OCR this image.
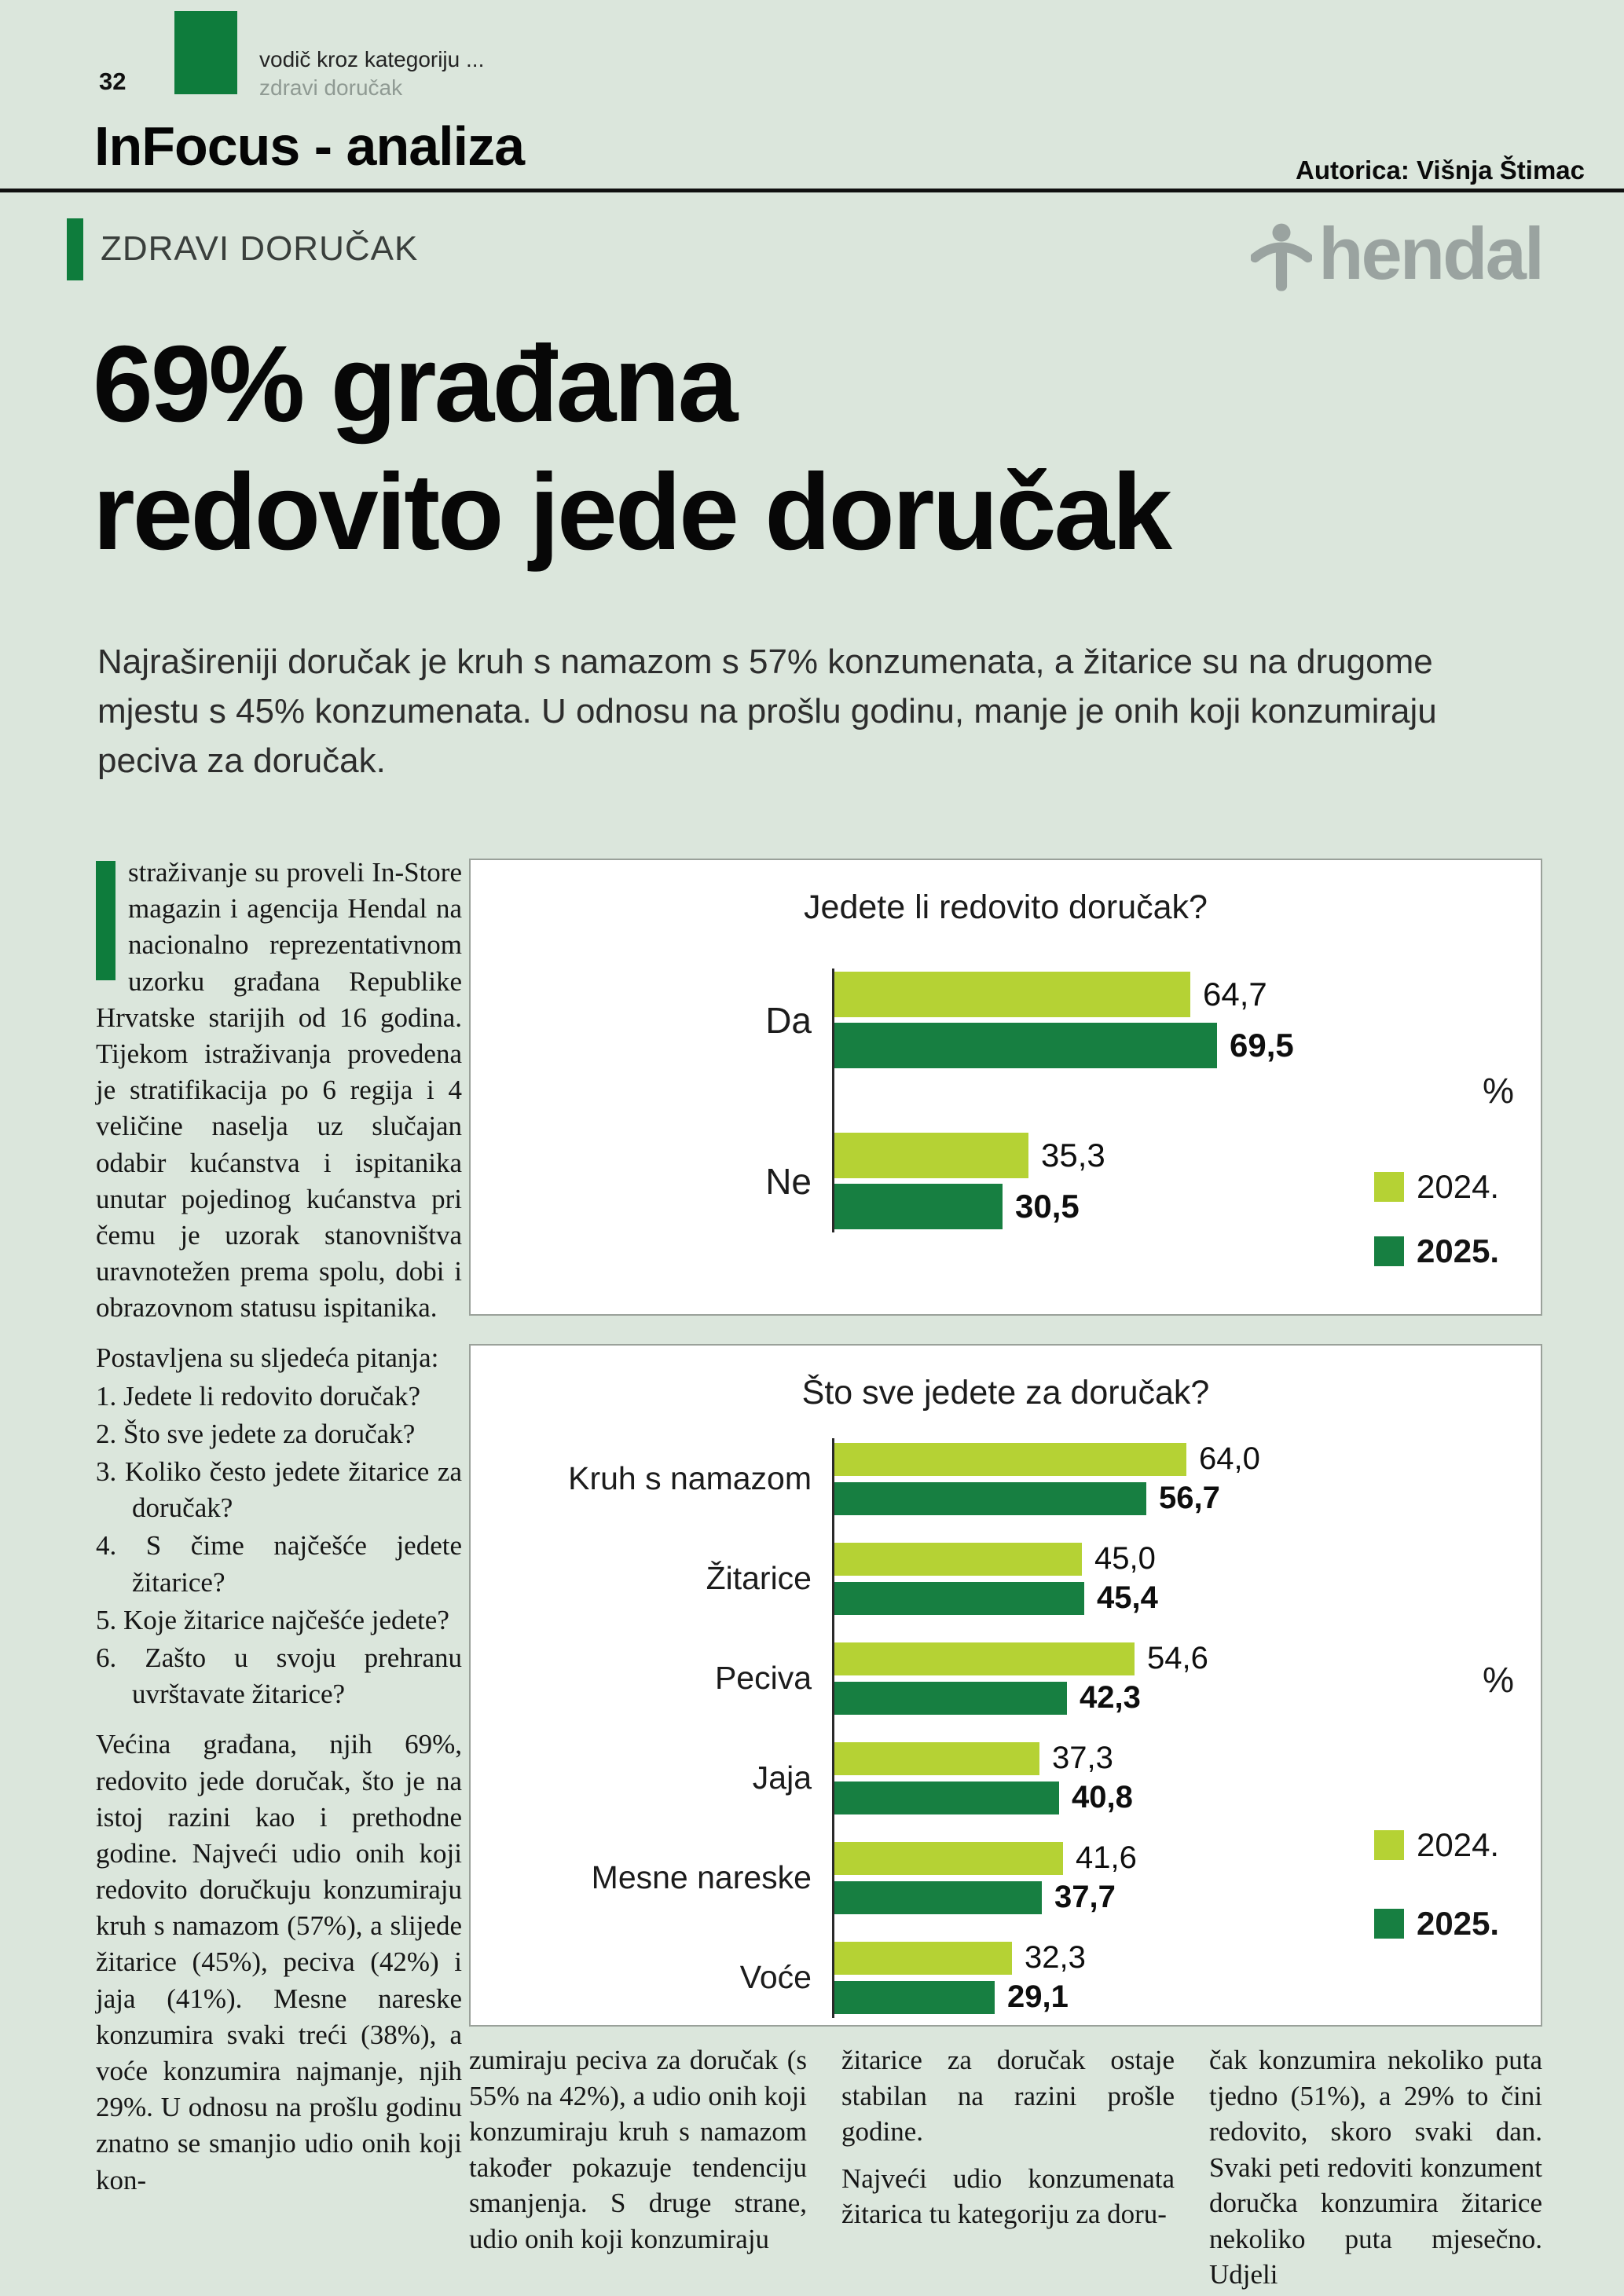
32
vodič kroz kategoriju ...
zdravi doručak
InFocus - analiza	Autorica: Višnja Štimac
ZDRAVI DORUČAK	hendal
69% građana
redovito jede doručak
Najrašireniji doručak je kruh s namazom s 57% konzumenata, a žitarice su na drugome mjestu s 45% konzumenata. U odnosu na prošlu godinu, manje je onih koji konzumiraju peciva za doručak.

straživanje su proveli In-Store magazin i agencija Hendal na nacionalno reprezentativnom uzorku građana Republike Hrvatske starijih od 16 godina. Tijekom istraživanja provedena je stratifikacija po 6 regija i 4 veličine naselja uz slučajan odabir kućanstva i ispitanika unutar pojedinog kućanstva pri čemu je uzorak stanovništva uravnotežen prema spolu, dobi i obrazovnom statusu ispitanika.

Postavljena su sljedeća pitanja:

1. Jedete li redovito doručak?
2. Što sve jedete za doručak?
3. Koliko često jedete žitarice za doručak?
4. S čime najčešće jedete žitarice?
5. Koje žitarice najčešće jedete?
6. Zašto u svoju prehranu uvrštavate žitarice?

Većina građana, njih 69%, redovito jede doručak, što je na istoj razini kao i prethodne godine. Najveći udio onih koji redovito doručkuju konzumiraju kruh s namazom (57%), a slijede žitarice (45%), peciva (42%) i jaja (41%). Mesne nareske konzumira svaki treći (38%), a voće konzumira najmanje, njih 29%. U odnosu na prošlu godinu znatno se smanjio udio onih koji kon-

Jedete li redovito doručak?
Da
64,7
69,5
Ne
35,3
30,5
%
2024.
2025.
Što sve jedete za doručak?
Kruh s namazom
64,0
56,7
Žitarice
45,0
45,4
Peciva
54,6
42,3
Jaja
37,3
40,8
Mesne nareske
41,6
37,7
Voće
32,3
29,1
%
2024.
2025.

zumiraju peciva za doručak (s 55% na 42%), a udio onih koji konzumiraju kruh s namazom također pokazuje tendenciju smanjenja. S druge strane, udio onih koji konzumiraju

žitarice za doručak ostaje stabilan na razini prošle godine.

Najveći udio konzumenata žitarica tu kategoriju za doru-

čak konzumira nekoliko puta tjedno (51%), a 29% to čini redovito, skoro svaki dan. Svaki peti redoviti konzument doručka konzumira žitarice nekoliko puta mjesečno. Udjeli
